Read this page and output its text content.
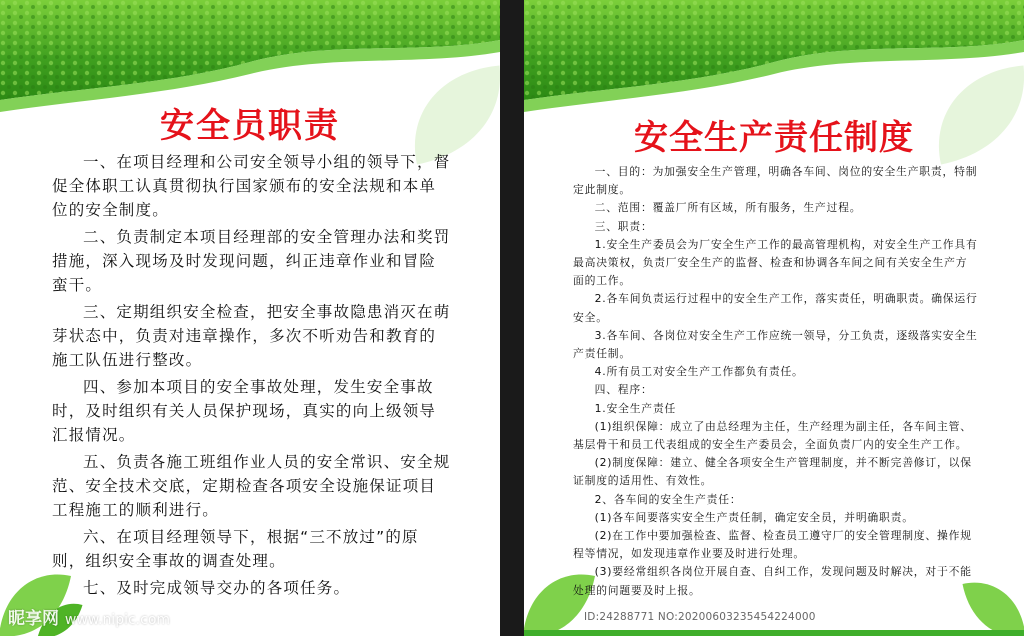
安全员职责

一、在项目经理和公司安全领导小组的领导下，督促全体职工认真贯彻执行国家颁布的安全法规和本单位的安全制度。

二、负责制定本项目经理部的安全管理办法和奖罚措施，深入现场及时发现问题，纠正违章作业和冒险蛮干。

三、定期组织安全检查，把安全事故隐患消灭在萌芽状态中，负责对违章操作，多次不听劝告和教育的施工队伍进行整改。

四、参加本项目的安全事故处理，发生安全事故时，及时组织有关人员保护现场，真实的向上级领导汇报情况。

五、负责各施工班组作业人员的安全常识、安全规范、安全技术交底，定期检查各项安全设施保证项目工程施工的顺利进行。

六、在项目经理领导下，根据“三不放过”的原则，组织安全事故的调查处理。

七、及时完成领导交办的各项任务。

昵享网 www.nipic.com
安全生产责任制度

一、目的：为加强安全生产管理，明确各车间、岗位的安全生产职责，特制定此制度。

二、范围：覆盖厂所有区域，所有服务，生产过程。

三、职责：

1.安全生产委员会为厂安全生产工作的最高管理机构，对安全生产工作具有最高决策权，负责厂安全生产的监督、检查和协调各车间之间有关安全生产方面的工作。

2.各车间负责运行过程中的安全生产工作，落实责任，明确职责。确保运行安全。

3.各车间、各岗位对安全生产工作应统一领导，分工负责，逐级落实安全生产责任制。

4.所有员工对安全生产工作都负有责任。

四、程序：

1.安全生产责任

(1)组织保障：成立了由总经理为主任，生产经理为副主任，各车间主管、基层骨干和员工代表组成的安全生产委员会，全面负责厂内的安全生产工作。

(2)制度保障：建立、健全各项安全生产管理制度，并不断完善修订，以保证制度的适用性、有效性。

2、各车间的安全生产责任：

(1)各车间要落实安全生产责任制，确定安全员，并明确职责。

(2)在工作中要加强检查、监督、检查员工遵守厂的安全管理制度、操作规程等情况，如发现违章作业要及时进行处理。

(3)要经常组织各岗位开展自查、自纠工作，发现问题及时解决，对于不能处理的问题要及时上报。

ID:24288771 NO:20200603235454224000
